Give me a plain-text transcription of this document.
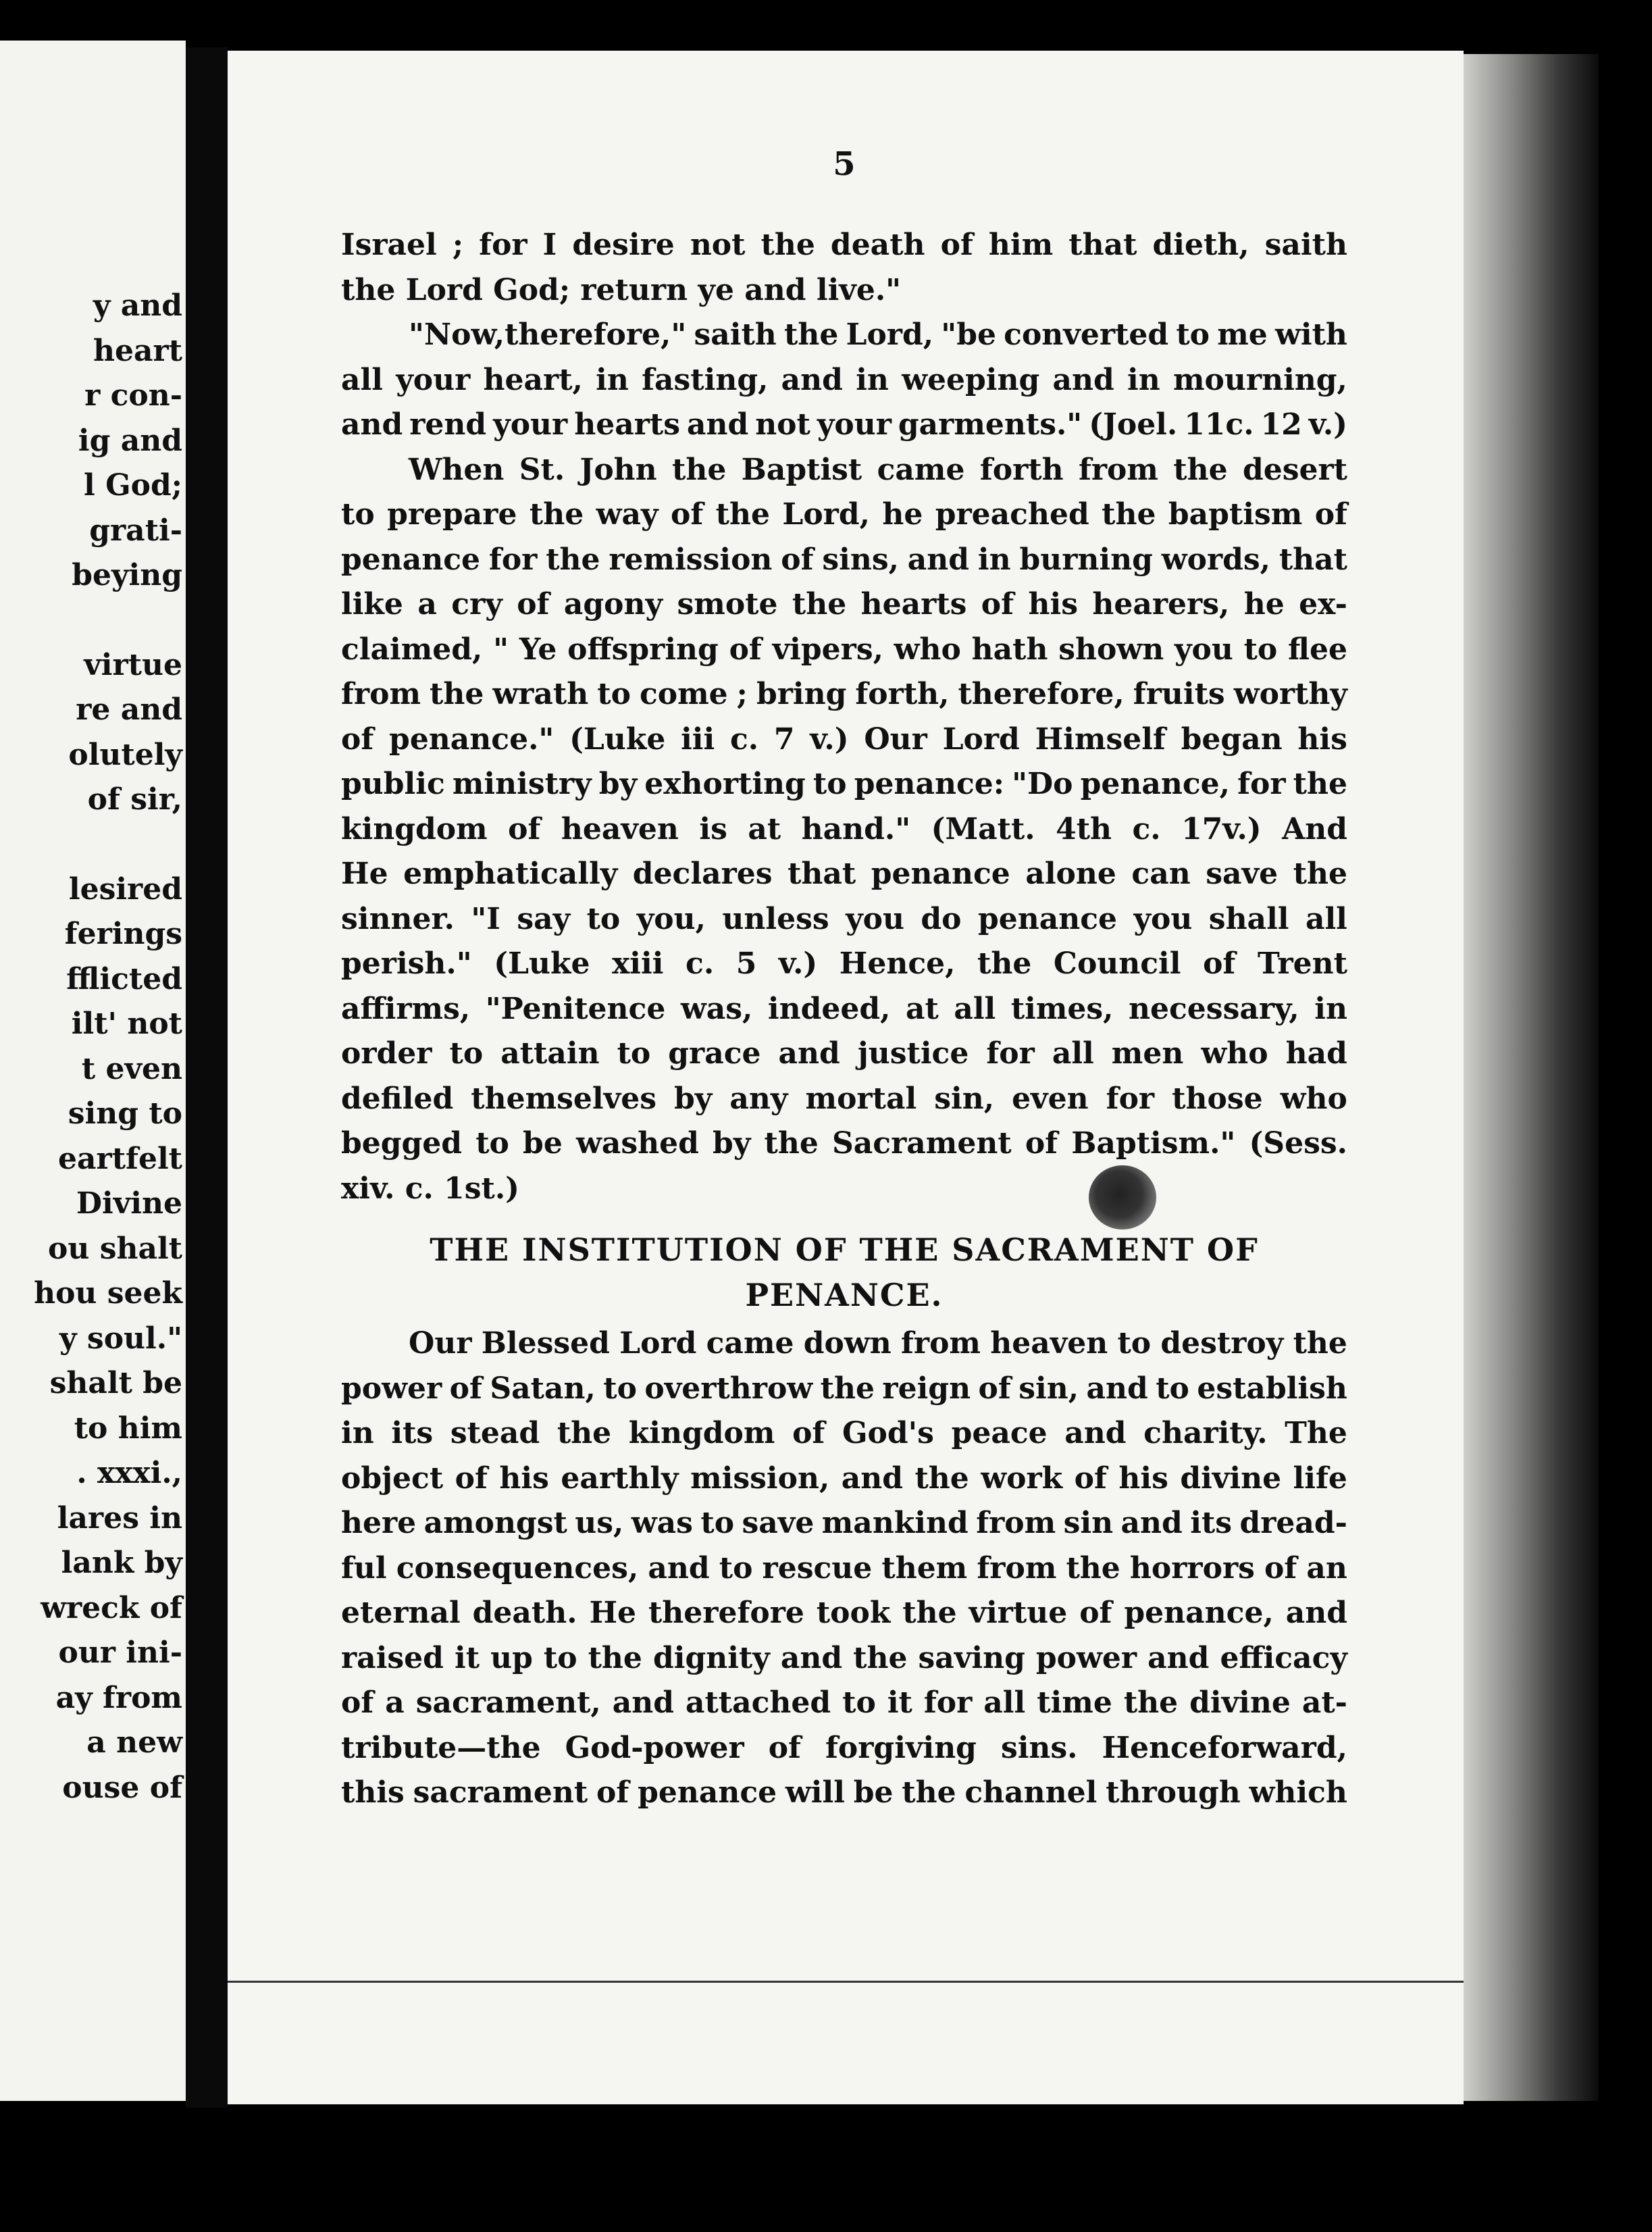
y and
heart
r con-
ig and
l God;
grati-
beying

virtue
re and
olutely
of sir,

lesired
ferings
fflicted
ilt' not
t even
sing to
eartfelt
Divine
ou shalt
hou seek
y soul."
shalt be
to him
. xxxi.,
lares in
lank by
wreck of
our ini-
ay from
a new
ouse of
5
Israel ; for I desire not the death of him that dieth, saith
the Lord God; return ye and live."
"Now,therefore," saith the Lord, "be converted to me with
all your heart, in fasting, and in weeping and in mourning,
and rend your hearts and not your garments." (Joel. 11c. 12 v.)
When St. John the Baptist came forth from the desert
to prepare the way of the Lord, he preached the baptism of
penance for the remission of sins, and in burning words, that
like a cry of agony smote the hearts of his hearers, he ex-
claimed, " Ye offspring of vipers, who hath shown you to flee
from the wrath to come ; bring forth, therefore, fruits worthy
of penance." (Luke iii c. 7 v.) Our Lord Himself began his
public ministry by exhorting to penance: "Do penance, for the
kingdom of heaven is at hand." (Matt. 4th c. 17v.) And
He emphatically declares that penance alone can save the
sinner. "I say to you, unless you do penance you shall all
perish." (Luke xiii c. 5 v.) Hence, the Council of Trent
affirms, "Penitence was, indeed, at all times, necessary, in
order to attain to grace and justice for all men who had
defiled themselves by any mortal sin, even for those who
begged to be washed by the Sacrament of Baptism." (Sess.
xiv. c. 1st.)
THE INSTITUTION OF THE SACRAMENT OF
PENANCE.
Our Blessed Lord came down from heaven to destroy the
power of Satan, to overthrow the reign of sin, and to establish
in its stead the kingdom of God's peace and charity. The
object of his earthly mission, and the work of his divine life
here amongst us, was to save mankind from sin and its dread-
ful consequences, and to rescue them from the horrors of an
eternal death. He therefore took the virtue of penance, and
raised it up to the dignity and the saving power and efficacy
of a sacrament, and attached to it for all time the divine at-
tribute—the God-power of forgiving sins. Henceforward,
this sacrament of penance will be the channel through which
